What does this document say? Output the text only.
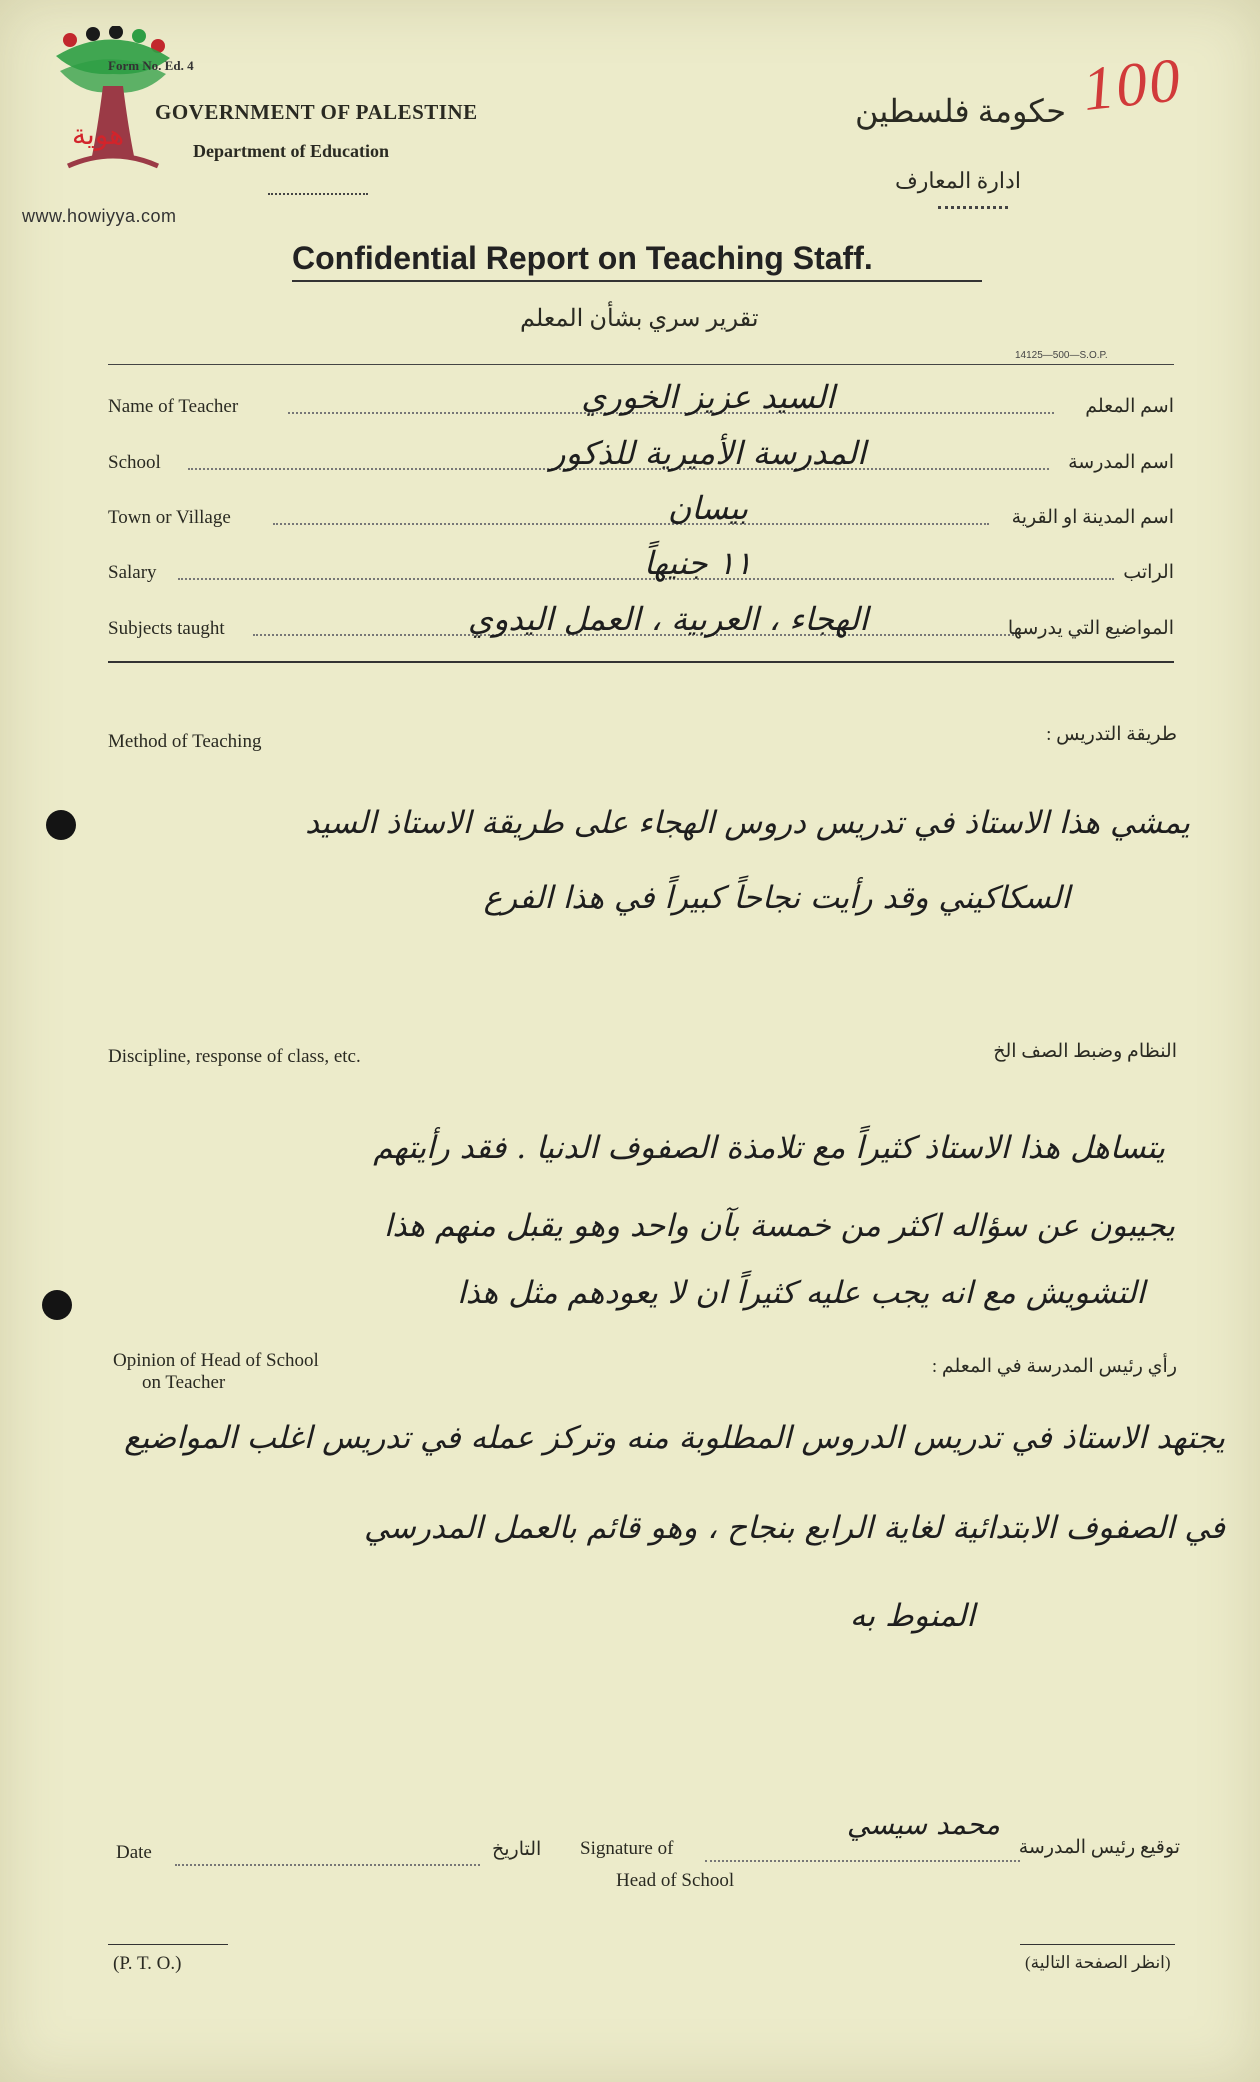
هوية
www.howiyya.com
Form No. Ed. 4
GOVERNMENT OF PALESTINE
Department of Education
حكومة فلسطين
ادارة المعارف
100
Confidential Report on Teaching Staff.
تقرير سري بشأن المعلم
14125—500—S.O.P.
Name of Teacher	السيد عزيز الخوري	اسم المعلم
School	المدرسة الأميرية للذكور	اسم المدرسة
Town or Village	بيسان	اسم المدينة او القرية
Salary	١١ جنيهاً	الراتب
Subjects taught	الهجاء ، العربية ، العمل اليدوي	المواضيع التي يدرسها
Method of Teaching	طريقة التدريس :
يمشي هذا الاستاذ في تدريس دروس الهجاء على طريقة الاستاذ السيد
السكاكيني وقد رأيت نجاحاً كبيراً في هذا الفرع
Discipline, response of class, etc.	النظام وضبط الصف الخ
يتساهل هذا الاستاذ كثيراً مع تلامذة الصفوف الدنيا . فقد رأيتهم
يجيبون عن سؤاله اكثر من خمسة بآن واحد وهو يقبل منهم هذا
التشويش مع انه يجب عليه كثيراً ان لا يعودهم مثل هذا
Opinion of Head of School
on Teacher
رأي رئيس المدرسة في المعلم :
يجتهد الاستاذ في تدريس الدروس المطلوبة منه وتركز عمله في تدريس اغلب المواضيع
في الصفوف الابتدائية لغاية الرابع بنجاح ، وهو قائم بالعمل المدرسي
المنوط به
Date	التاريخ Signature of
Head of School
محمد سيسي
توقيع رئيس المدرسة
(P. T. O.)	(انظر الصفحة التالية)
